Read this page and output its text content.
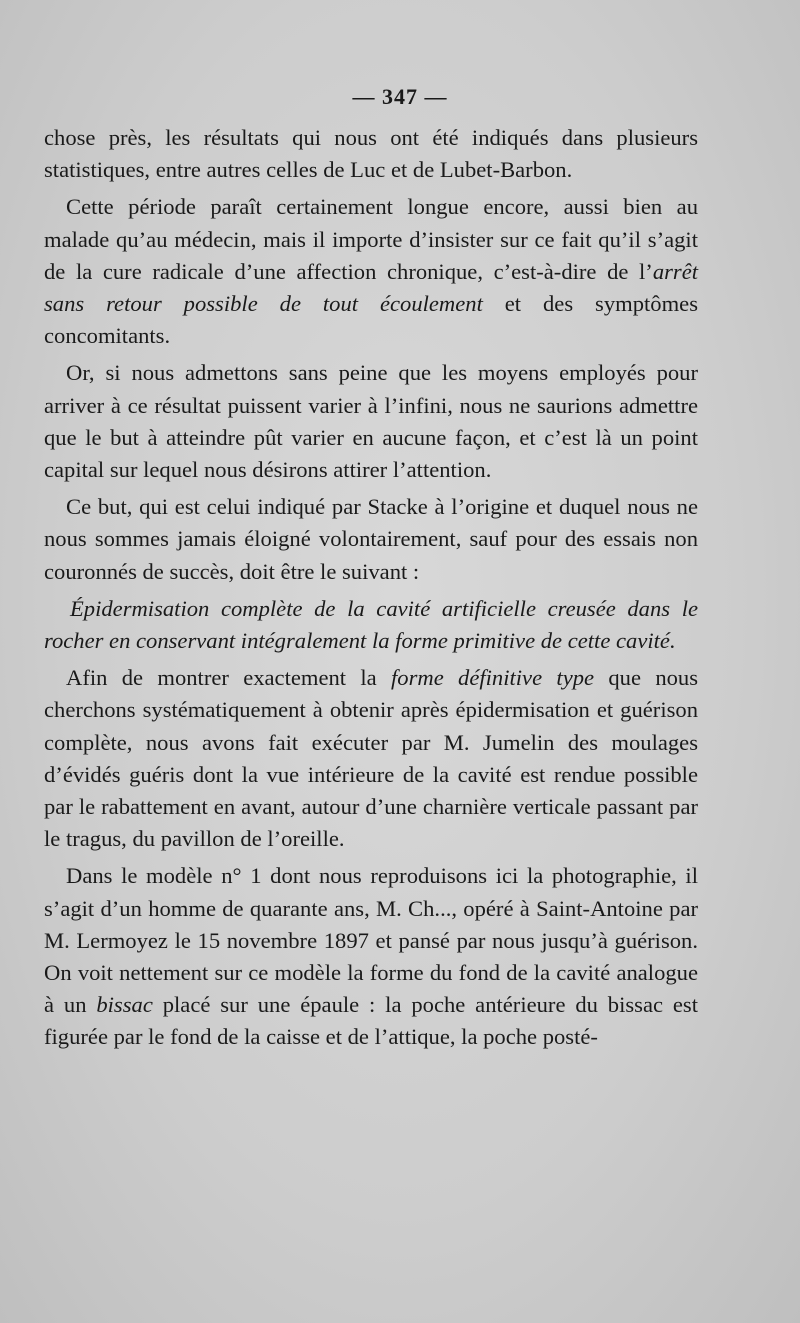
— 347 —

chose près, les résultats qui nous ont été indiqués dans plusieurs statistiques, entre autres celles de Luc et de Lubet-Barbon.

Cette période paraît certainement longue encore, aussi bien au malade qu’au médecin, mais il importe d’insister sur ce fait qu’il s’agit de la cure radicale d’une affection chronique, c’est-à-dire de l’arrêt sans retour possible de tout écoulement et des symptômes concomitants.

Or, si nous admettons sans peine que les moyens employés pour arriver à ce résultat puissent varier à l’infini, nous ne saurions admettre que le but à atteindre pût varier en aucune façon, et c’est là un point capital sur lequel nous désirons attirer l’attention.

Ce but, qui est celui indiqué par Stacke à l’origine et duquel nous ne nous sommes jamais éloigné volontairement, sauf pour des essais non couronnés de succès, doit être le suivant :

Épidermisation complète de la cavité artificielle creusée dans le rocher en conservant intégralement la forme primitive de cette cavité.

Afin de montrer exactement la forme définitive type que nous cherchons systématiquement à obtenir après épidermisation et guérison complète, nous avons fait exécuter par M. Jumelin des moulages d’évidés guéris dont la vue intérieure de la cavité est rendue possible par le rabattement en avant, autour d’une charnière verticale passant par le tragus, du pavillon de l’oreille.

Dans le modèle n° 1 dont nous reproduisons ici la photographie, il s’agit d’un homme de quarante ans, M. Ch..., opéré à Saint-Antoine par M. Lermoyez le 15 novembre 1897 et pansé par nous jusqu’à guérison. On voit nettement sur ce modèle la forme du fond de la cavité analogue à un bissac placé sur une épaule : la poche antérieure du bissac est figurée par le fond de la caisse et de l’attique, la poche posté-
